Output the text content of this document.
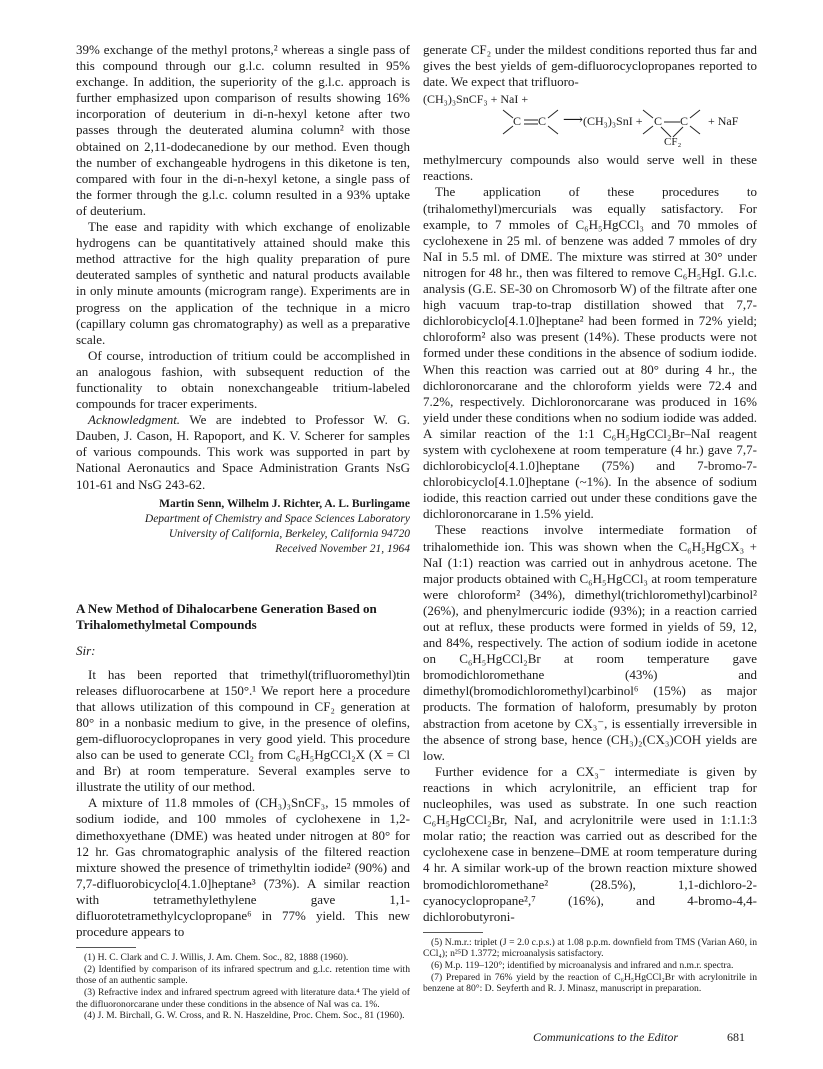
39% exchange of the methyl protons,² whereas a single pass of this compound through our g.l.c. column resulted in 95% exchange. In addition, the superiority of the g.l.c. approach is further emphasized upon comparison of results showing 16% incorporation of deuterium in di-n-hexyl ketone after two passes through the deuterated alumina column² with those obtained on 2,11-dodecanedione by our method. Even though the number of exchangeable hydrogens in this diketone is ten, compared with four in the di-n-hexyl ketone, a single pass of the former through the g.l.c. column resulted in a 93% uptake of deuterium.

The ease and rapidity with which exchange of enolizable hydrogens can be quantitatively attained should make this method attractive for the high quality preparation of pure deuterated samples of synthetic and natural products available in only minute amounts (microgram range). Experiments are in progress on the application of the technique in a micro (capillary column gas chromatography) as well as a preparative scale.

Of course, introduction of tritium could be accomplished in an analogous fashion, with subsequent reduction of the functionality to obtain nonexchangeable tritium-labeled compounds for tracer experiments.

Acknowledgment. We are indebted to Professor W. G. Dauben, J. Cason, H. Rapoport, and K. V. Scherer for samples of various compounds. This work was supported in part by National Aeronautics and Space Administration Grants NsG 101-61 and NsG 243-62.

Martin Senn, Wilhelm J. Richter, A. L. Burlingame
Department of Chemistry and Space Sciences Laboratory
University of California, Berkeley, California 94720
Received November 21, 1964
A New Method of Dihalocarbene Generation Based on Trihalomethylmetal Compounds
Sir:

It has been reported that trimethyl(trifluoromethyl)tin releases difluorocarbene at 150°.¹ We report here a procedure that allows utilization of this compound in CF₂ generation at 80° in a nonbasic medium to give, in the presence of olefins, gem-difluorocyclopropanes in very good yield. This procedure also can be used to generate CCl₂ from C₆H₅HgCCl₂X (X = Cl and Br) at room temperature. Several examples serve to illustrate the utility of our method.

A mixture of 11.8 mmoles of (CH₃)₃SnCF₃, 15 mmoles of sodium iodide, and 100 mmoles of cyclohexene in 1,2-dimethoxyethane (DME) was heated under nitrogen at 80° for 12 hr. Gas chromatographic analysis of the filtered reaction mixture showed the presence of trimethyltin iodide² (90%) and 7,7-difluorobicyclo[4.1.0]heptane³ (73%). A similar reaction with tetramethylethylene gave 1,1-difluorotetramethylcyclopropane⁶ in 77% yield. This new procedure appears to

(1) H. C. Clark and C. J. Willis, J. Am. Chem. Soc., 82, 1888 (1960).

(2) Identified by comparison of its infrared spectrum and g.l.c. retention time with those of an authentic sample.

(3) Refractive index and infrared spectrum agreed with literature data.⁴ The yield of the difluoronorcarane under these conditions in the absence of NaI was ca. 1%.

(4) J. M. Birchall, G. W. Cross, and R. N. Haszeldine, Proc. Chem. Soc., 81 (1960).

generate CF₂ under the mildest conditions reported thus far and gives the best yields of gem-difluorocyclopropanes reported to date. We expect that trifluoro-

(CH₃)₃SnCF₃ + NaI +
C C ⟶ (CH₃)₃SnI + C C + NaF
CF₂

methylmercury compounds also would serve well in these reactions.

The application of these procedures to (trihalomethyl)mercurials was equally satisfactory. For example, to 7 mmoles of C₆H₅HgCCl₃ and 70 mmoles of cyclohexene in 25 ml. of benzene was added 7 mmoles of dry NaI in 5.5 ml. of DME. The mixture was stirred at 30° under nitrogen for 48 hr., then was filtered to remove C₆H₅HgI. G.l.c. analysis (G.E. SE-30 on Chromosorb W) of the filtrate after one high vacuum trap-to-trap distillation showed that 7,7-dichlorobicyclo[4.1.0]heptane² had been formed in 72% yield; chloroform² also was present (14%). These products were not formed under these conditions in the absence of sodium iodide. When this reaction was carried out at 80° during 4 hr., the dichloronorcarane and the chloroform yields were 72.4 and 7.2%, respectively. Dichloronorcarane was produced in 16% yield under these conditions when no sodium iodide was added. A similar reaction of the 1:1 C₆H₅HgCCl₂Br–NaI reagent system with cyclohexene at room temperature (4 hr.) gave 7,7-dichlorobicyclo[4.1.0]heptane (75%) and 7-bromo-7-chlorobicyclo[4.1.0]heptane (~1%). In the absence of sodium iodide, this reaction carried out under these conditions gave the dichloronorcarane in 1.5% yield.

These reactions involve intermediate formation of trihalomethide ion. This was shown when the C₆H₅HgCX₃ + NaI (1:1) reaction was carried out in anhydrous acetone. The major products obtained with C₆H₅HgCCl₃ at room temperature were chloroform² (34%), dimethyl(trichloromethyl)carbinol² (26%), and phenylmercuric iodide (93%); in a reaction carried out at reflux, these products were formed in yields of 59, 12, and 84%, respectively. The action of sodium iodide in acetone on C₆H₅HgCCl₂Br at room temperature gave bromodichloromethane (43%) and dimethyl(bromodichloromethyl)carbinol⁶ (15%) as major products. The formation of haloform, presumably by proton abstraction from acetone by CX₃⁻, is essentially irreversible in the absence of strong base, hence (CH₃)₂(CX₃)COH yields are low.

Further evidence for a CX₃⁻ intermediate is given by reactions in which acrylonitrile, an efficient trap for nucleophiles, was used as substrate. In one such reaction C₆H₅HgCCl₂Br, NaI, and acrylonitrile were used in 1:1.1:3 molar ratio; the reaction was carried out as described for the cyclohexene case in benzene–DME at room temperature during 4 hr. A similar work-up of the brown reaction mixture showed bromodichloromethane² (28.5%), 1,1-dichloro-2-cyanocyclopropane²,⁷ (16%), and 4-bromo-4,4-dichlorobutyroni-

(5) N.m.r.: triplet (J = 2.0 c.p.s.) at 1.08 p.p.m. downfield from TMS (Varian A60, in CCl₄); n²⁵D 1.3772; microanalysis satisfactory.

(6) M.p. 119–120°; identified by microanalysis and infrared and n.m.r. spectra.

(7) Prepared in 76% yield by the reaction of C₆H₅HgCCl₂Br with acrylonitrile in benzene at 80°: D. Seyferth and R. J. Minasz, manuscript in preparation.

Communications to the Editor	681
